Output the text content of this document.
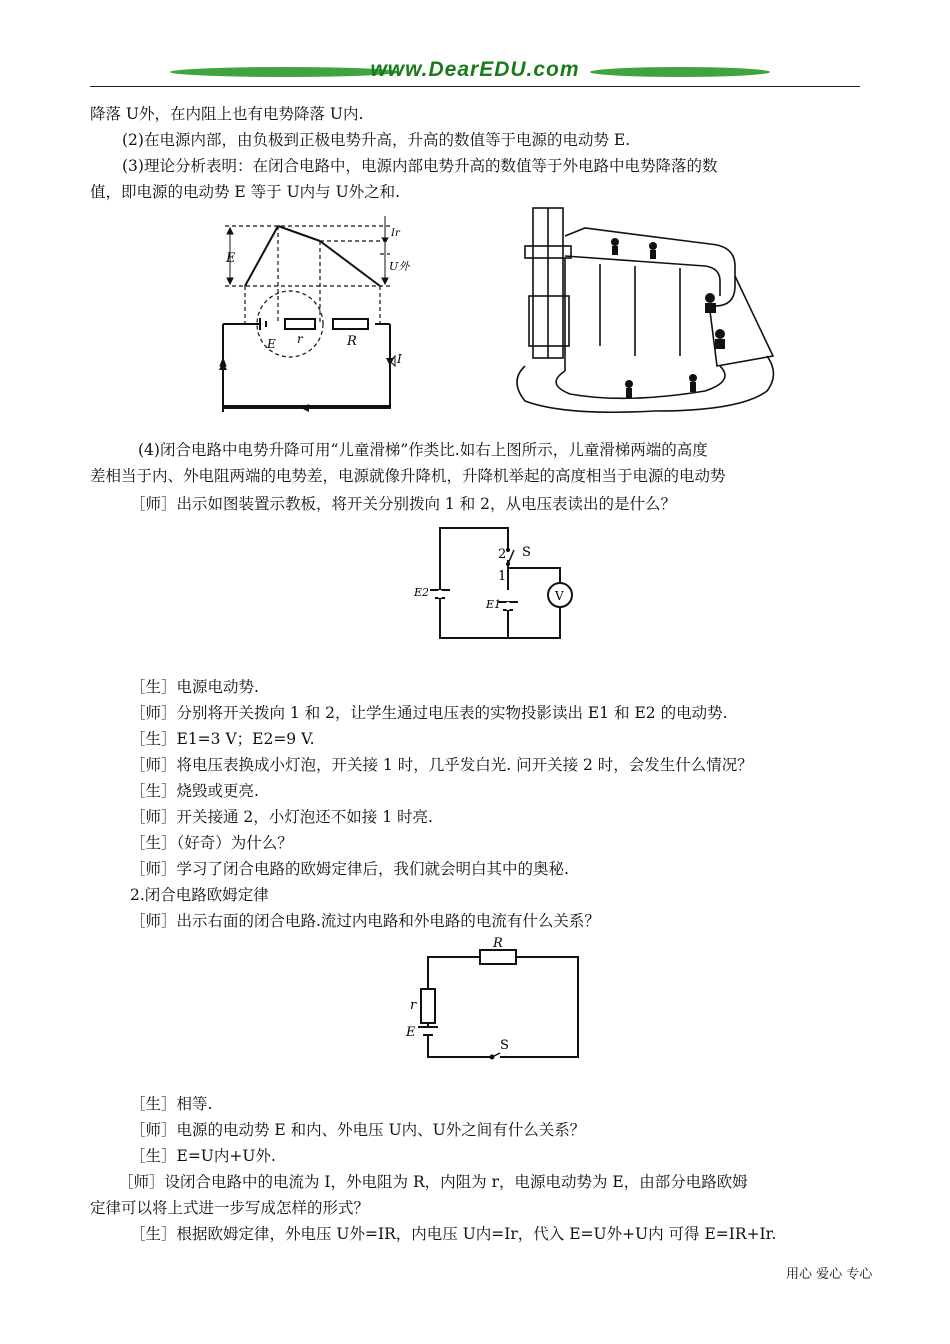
www.DearEDU.com
降落 U外，在内阻上也有电势降落 U内.
(2)在电源内部，由负极到正极电势升高，升高的数值等于电源的电动势 E.
(3)理论分析表明：在闭合电路中，电源内部电势升高的数值等于外电路中电势降落的数
值，即电源的电动势 E 等于 U内与 U外之和.
E
Ir
U外
E r	R
I
(4)闭合电路中电势升降可用“儿童滑梯”作类比.如右上图所示，儿童滑梯两端的高度
差相当于内、外电阻两端的电势差，电源就像升降机，升降机举起的高度相当于电源的电动势
［师］出示如图装置示教板，将开关分别拨向 1 和 2，从电压表读出的是什么？
2 S
1
E2
E1
V
［生］电源电动势.
［师］分别将开关拨向 1 和 2，让学生通过电压表的实物投影读出 E1 和 E2 的电动势.
［生］E1=3 V；E2=9 V.
［师］将电压表换成小灯泡，开关接 1 时，几乎发白光. 问开关接 2 时，会发生什么情况？
［生］烧毁或更亮.
［师］开关接通 2，小灯泡还不如接 1 时亮.
［生］（好奇）为什么？
［师］学习了闭合电路的欧姆定律后，我们就会明白其中的奥秘.
2.闭合电路欧姆定律
［师］出示右面的闭合电路.流过内电路和外电路的电流有什么关系？
R
r
E
S
［生］相等.
［师］电源的电动势 E 和内、外电压 U内、U外之间有什么关系？
［生］E=U内+U外.
［师］设闭合电路中的电流为 I，外电阻为 R，内阻为 r，电源电动势为 E，由部分电路欧姆
定律可以将上式进一步写成怎样的形式？
［生］根据欧姆定律，外电压 U外=IR，内电压 U内=Ir，代入 E=U外+U内 可得 E=IR+Ir.
用心 爱心 专心
